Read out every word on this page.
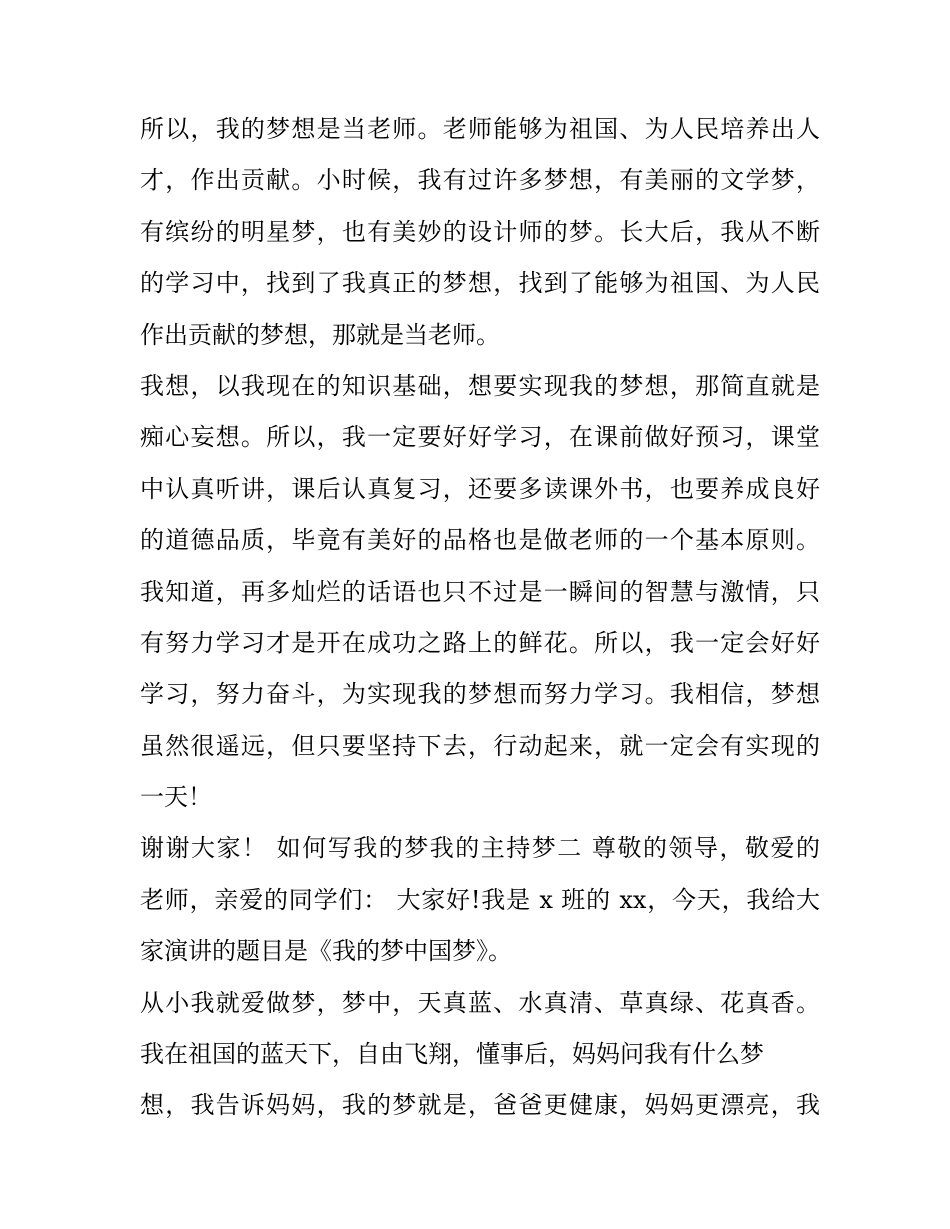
所以，我的梦想是当老师。老师能够为祖国、为人民培养出人
才，作出贡献。小时候，我有过许多梦想，有美丽的文学梦，
有缤纷的明星梦，也有美妙的设计师的梦。长大后，我从不断
的学习中，找到了我真正的梦想，找到了能够为祖国、为人民
作出贡献的梦想，那就是当老师。
我想，以我现在的知识基础，想要实现我的梦想，那简直就是
痴心妄想。所以，我一定要好好学习，在课前做好预习，课堂
中认真听讲，课后认真复习，还要多读课外书，也要养成良好
的道德品质，毕竟有美好的品格也是做老师的一个基本原则。
我知道，再多灿烂的话语也只不过是一瞬间的智慧与激情，只
有努力学习才是开在成功之路上的鲜花。所以，我一定会好好
学习，努力奋斗，为实现我的梦想而努力学习。我相信，梦想
虽然很遥远，但只要坚持下去，行动起来，就一定会有实现的
一天！
谢谢大家！ 如何写我的梦我的主持梦二 尊敬的领导，敬爱的
老师，亲爱的同学们： 大家好!我是 x 班的 xx，今天，我给大
家演讲的题目是《我的梦中国梦》。
从小我就爱做梦，梦中，天真蓝、水真清、草真绿、花真香。
我在祖国的蓝天下，自由飞翔，懂事后，妈妈问我有什么梦
想，我告诉妈妈，我的梦就是，爸爸更健康，妈妈更漂亮，我
